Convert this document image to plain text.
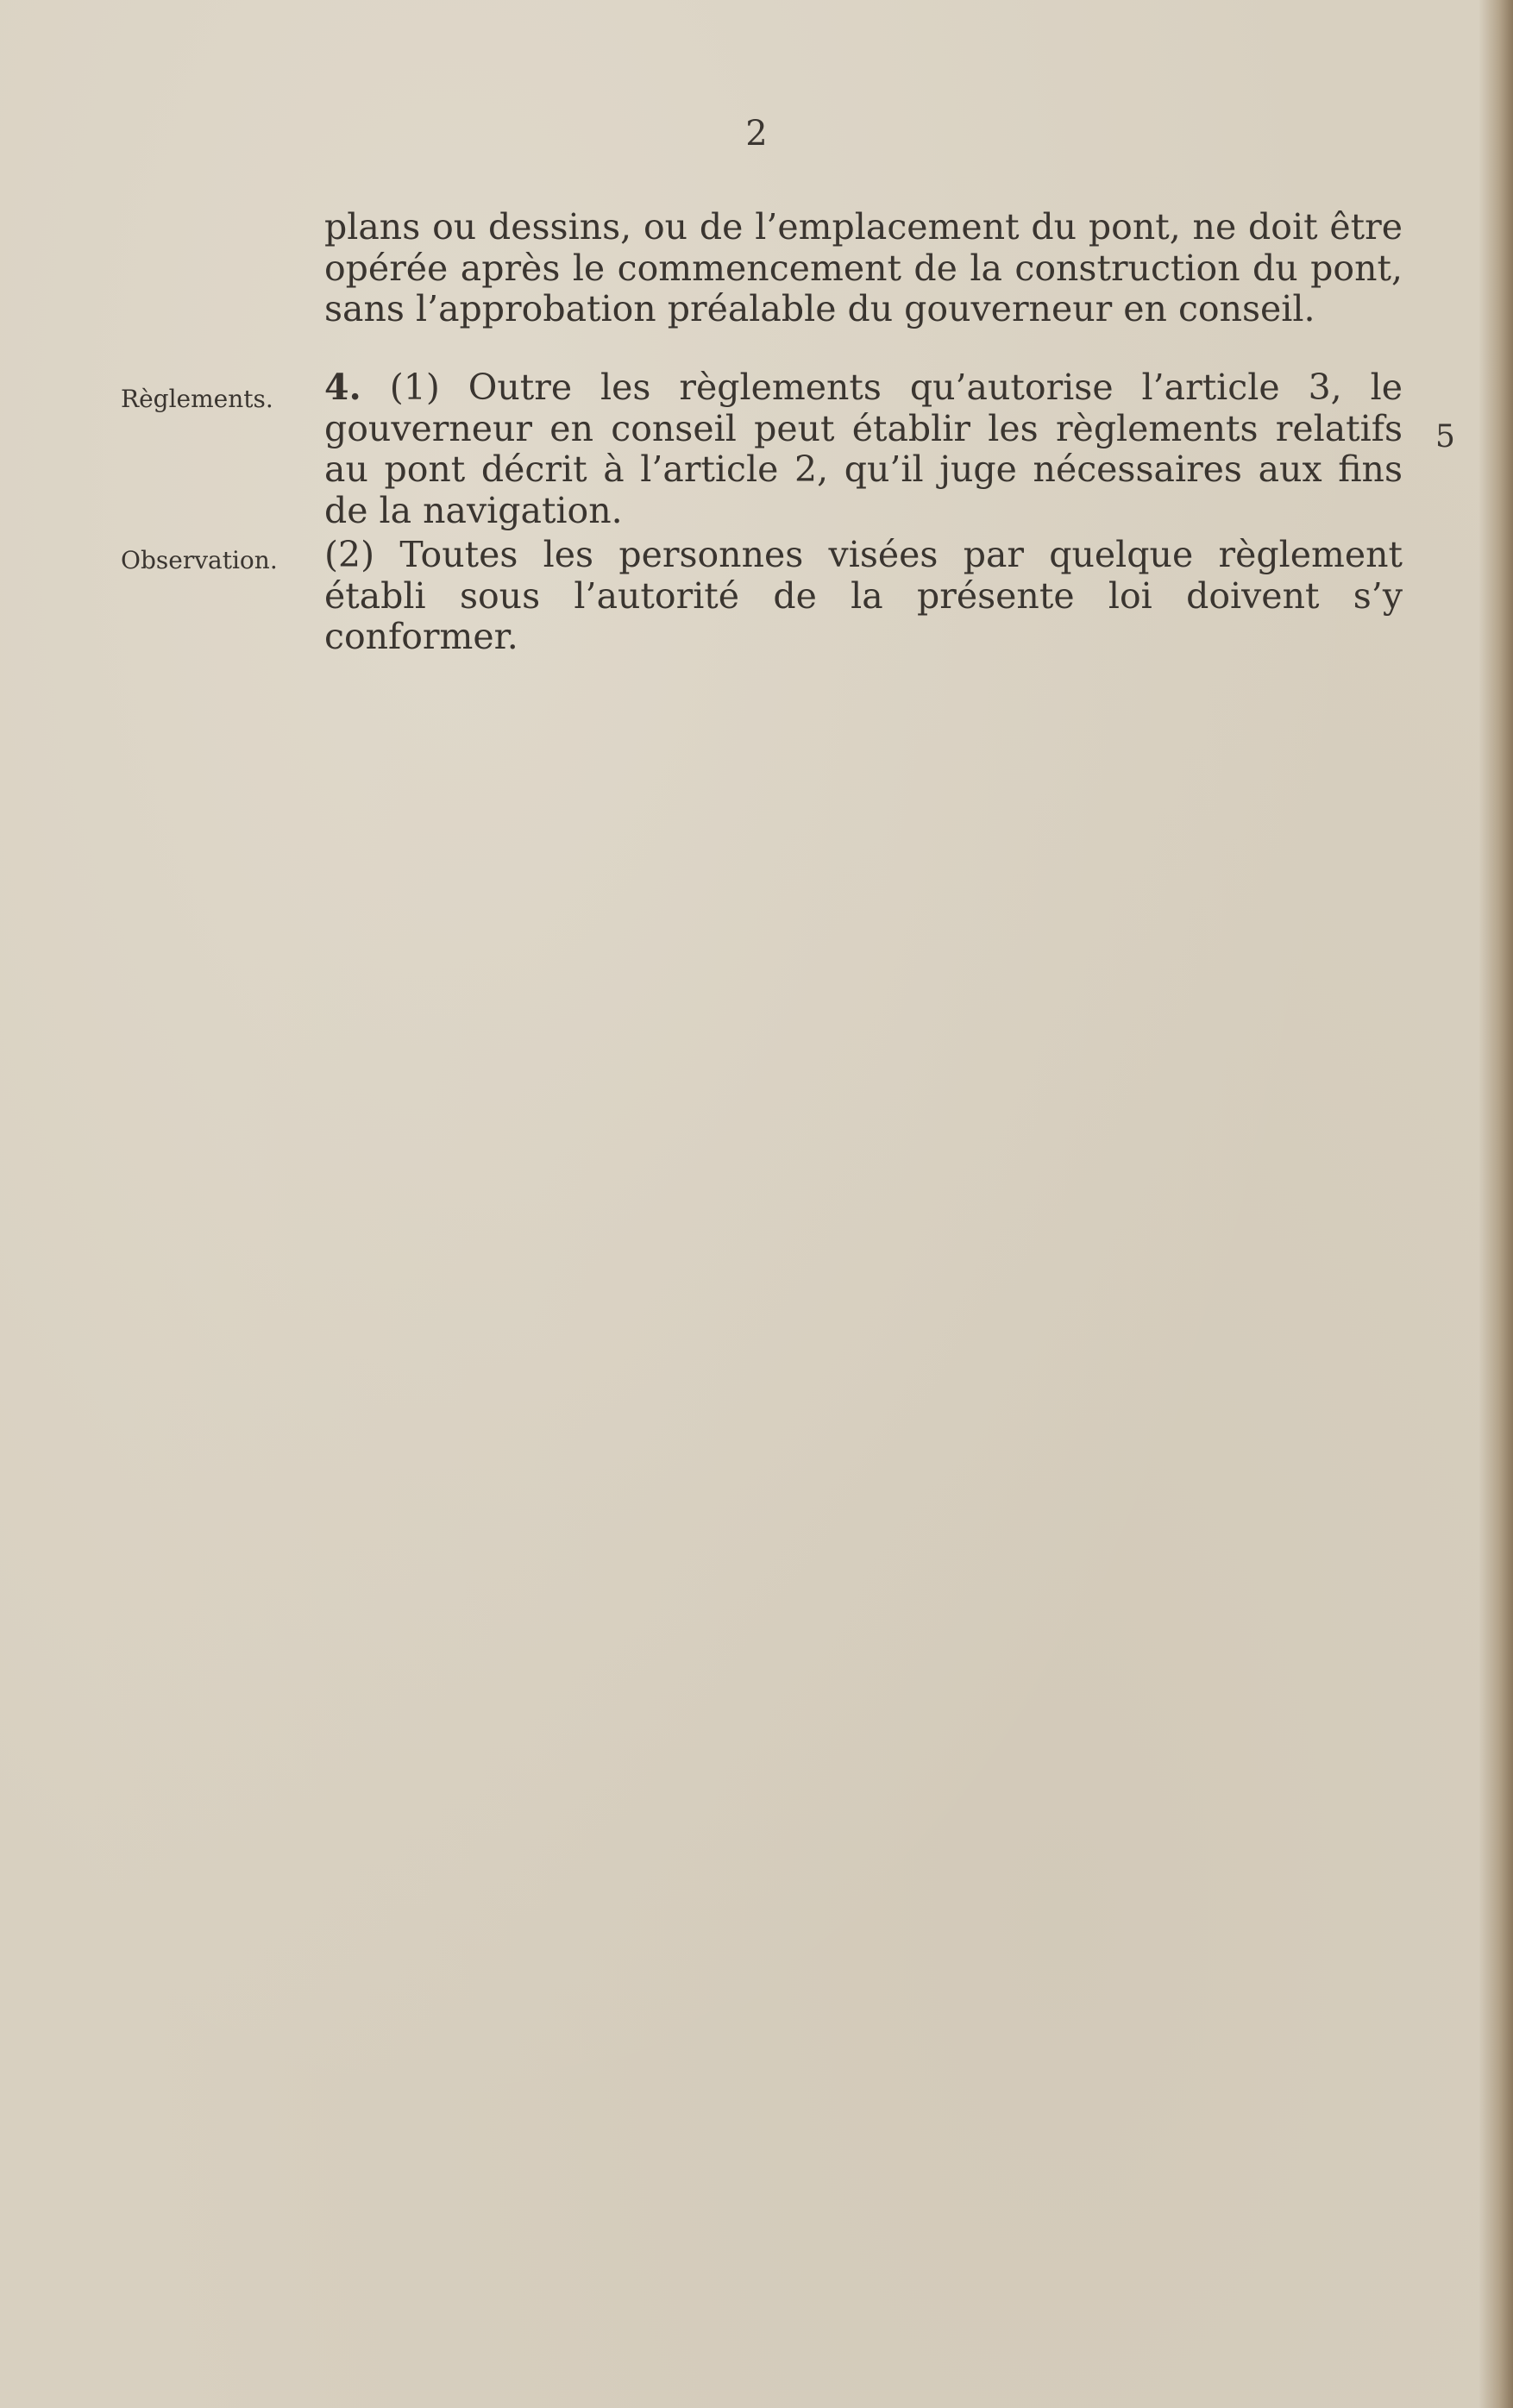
2
plans ou dessins, ou de l’emplacement du pont, ne doit être opérée après le commencement de la construction du pont, sans l’approbation préalable du gouverneur en conseil.
Règlements. 4. (1) Outre les règlements qu’autorise l’article 3, le gouverneur en conseil peut établir les règlements relatifs au pont décrit à l’article 2, qu’il juge nécessaires aux fins de la navigation.
5
Observation. (2) Toutes les personnes visées par quelque règlement établi sous l’autorité de la présente loi doivent s’y conformer.
